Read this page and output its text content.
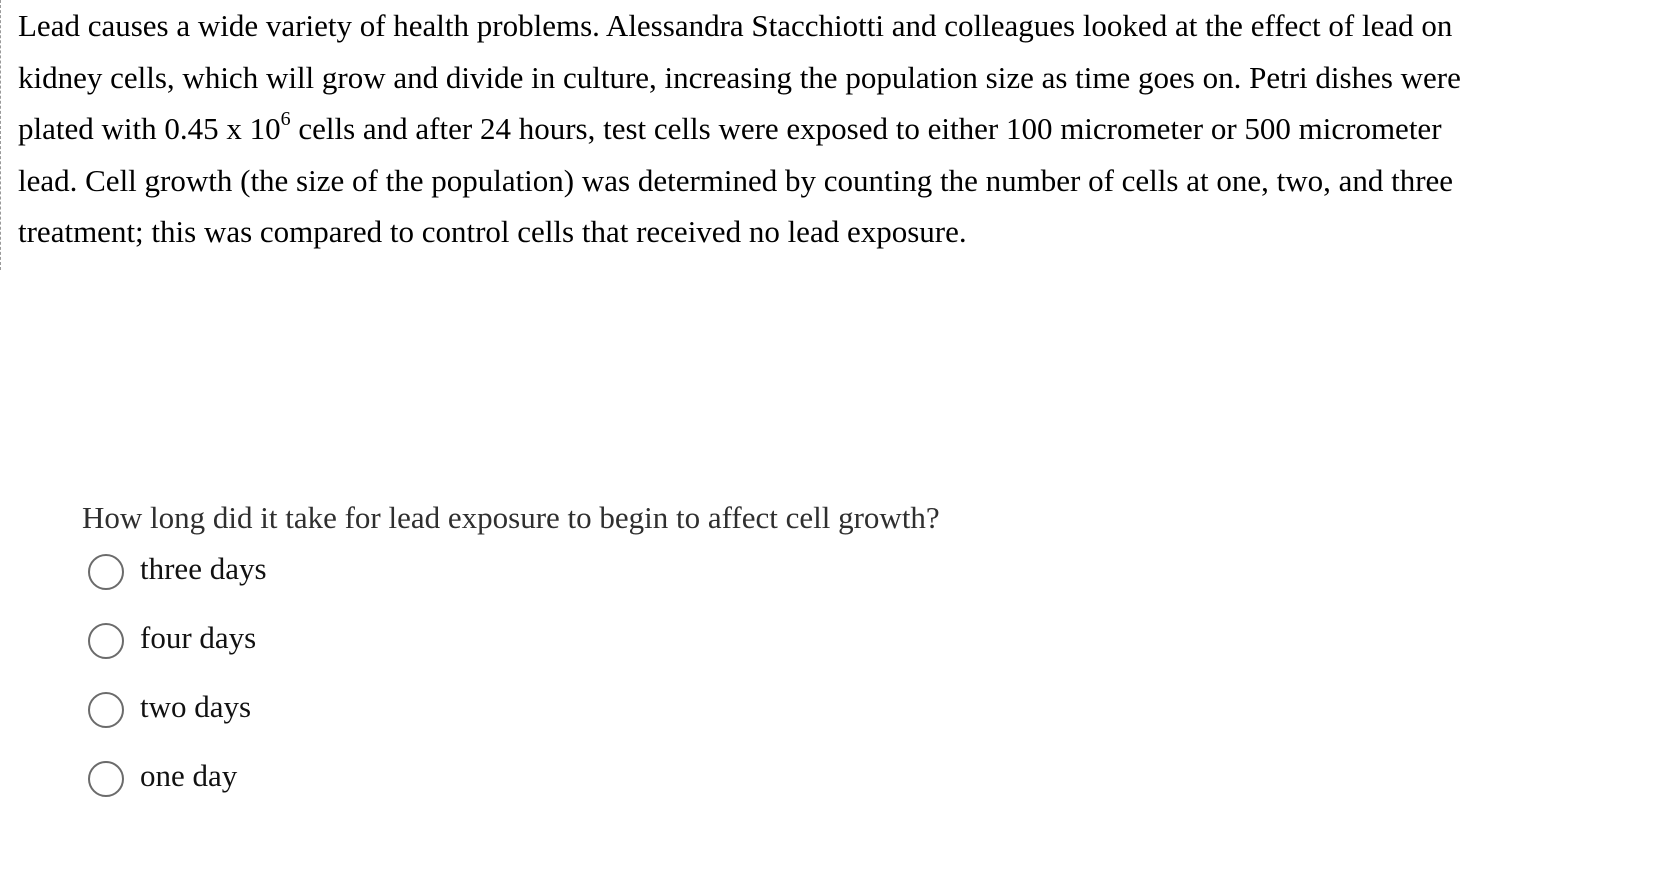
Lead causes a wide variety of health problems. Alessandra Stacchiotti and colleagues looked at the effect of lead on
kidney cells, which will grow and divide in culture, increasing the population size as time goes on. Petri dishes were
plated with 0.45 x $10^6$ cells and after 24 hours, test cells were exposed to either 100 micrometer or 500 micrometer
lead. Cell growth (the size of the population) was determined by counting the number of cells at one, two, and three
treatment; this was compared to control cells that received no lead exposure.
How long did it take for lead exposure to begin to affect cell growth?
three days
four days
two days
one day
